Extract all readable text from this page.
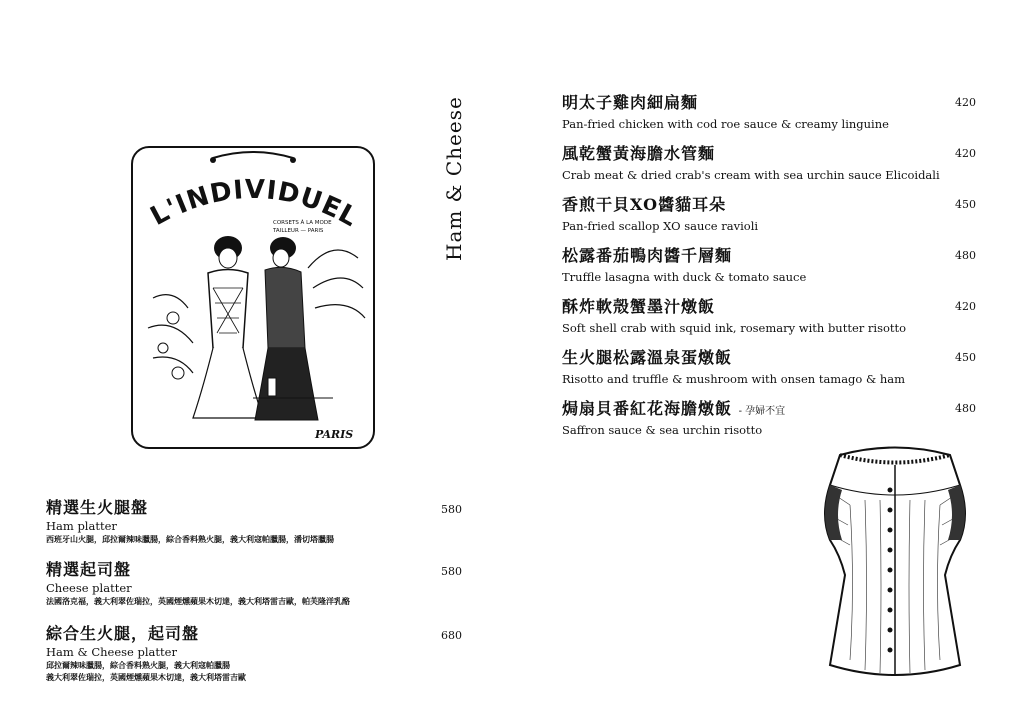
L'INDIVIDUEL
CORSETS À LA MODE
TAILLEUR — PARIS
PARIS
Ham & Cheese	明太子雞肉細扁麵
Pan-fried chicken with cod roe sauce & creamy linguine
420
風乾蟹黃海膽水管麵
Crab meat & dried crab's cream with sea urchin sauce Elicoidali
420
香煎干貝XO醬貓耳朵
Pan-fried scallop XO sauce ravioli
450
松露番茄鴨肉醬千層麵
Truffle lasagna with duck & tomato sauce
480
酥炸軟殼蟹墨汁燉飯
Soft shell crab with squid ink, rosemary with butter risotto
420
生火腿松露溫泉蛋燉飯
Risotto and truffle & mushroom with onsen tamago & ham
450
焗扇貝番紅花海膽燉飯 - 孕婦不宜
Saffron sauce & sea urchin risotto
480
精選生火腿盤
Ham platter
西班牙山火腿，邱拉爾辣味臘腸，綜合香料熟火腿，義大利寇帕臘腸，潘切塔臘腸
580
精選起司盤
Cheese platter
法國洛克福，義大利翠佐瑞拉，英國煙燻蘋果木切達，義大利塔雷吉歐，帕芙隆洋乳酪
580
綜合生火腿，起司盤
Ham & Cheese platter
邱拉爾辣味臘腸，綜合香料熟火腿，義大利寇帕臘腸
義大利翠佐瑞拉，英國煙燻蘋果木切達，義大利塔雷吉歐
680
